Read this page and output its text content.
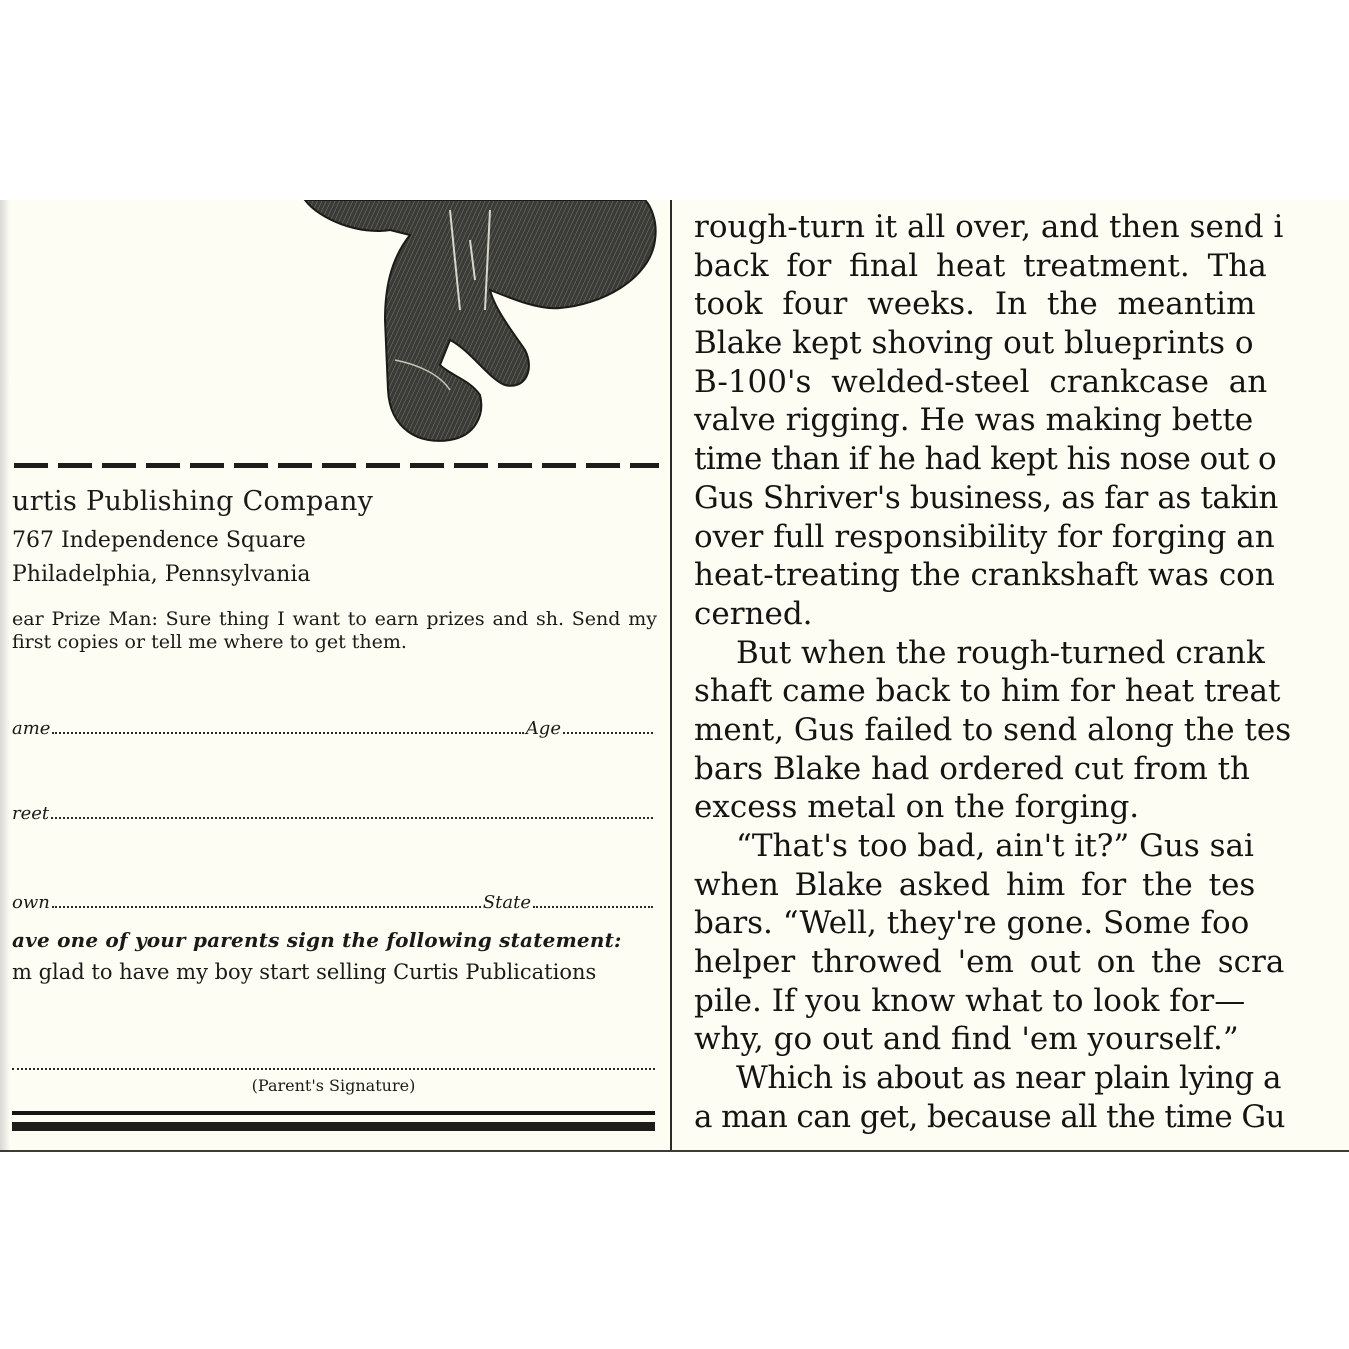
urtis Publishing Company
767 Independence Square
Philadelphia, Pennsylvania
ear Prize Man: Sure thing I want to earn prizes and sh. Send my first copies or tell me where to get them.
ame	Age
reet
own	State
ave one of your parents sign the following statement:
m glad to have my boy start selling Curtis Publications
(Parent's Signature)
rough-turn it all over, and then send i
back for final heat treatment. Tha
took four weeks. In the meantim
Blake kept shoving out blueprints o
B-100's welded-steel crankcase an
valve rigging. He was making bette
time than if he had kept his nose out o
Gus Shriver's business, as far as takin
over full responsibility for forging an
heat-treating the crankshaft was con
cerned.
But when the rough-turned crank
shaft came back to him for heat treat
ment, Gus failed to send along the tes
bars Blake had ordered cut from th
excess metal on the forging.
“That's too bad, ain't it?” Gus sai
when Blake asked him for the tes
bars. “Well, they're gone. Some foo
helper throwed 'em out on the scra
pile. If you know what to look for—
why, go out and find 'em yourself.”
Which is about as near plain lying a
a man can get, because all the time Gu
